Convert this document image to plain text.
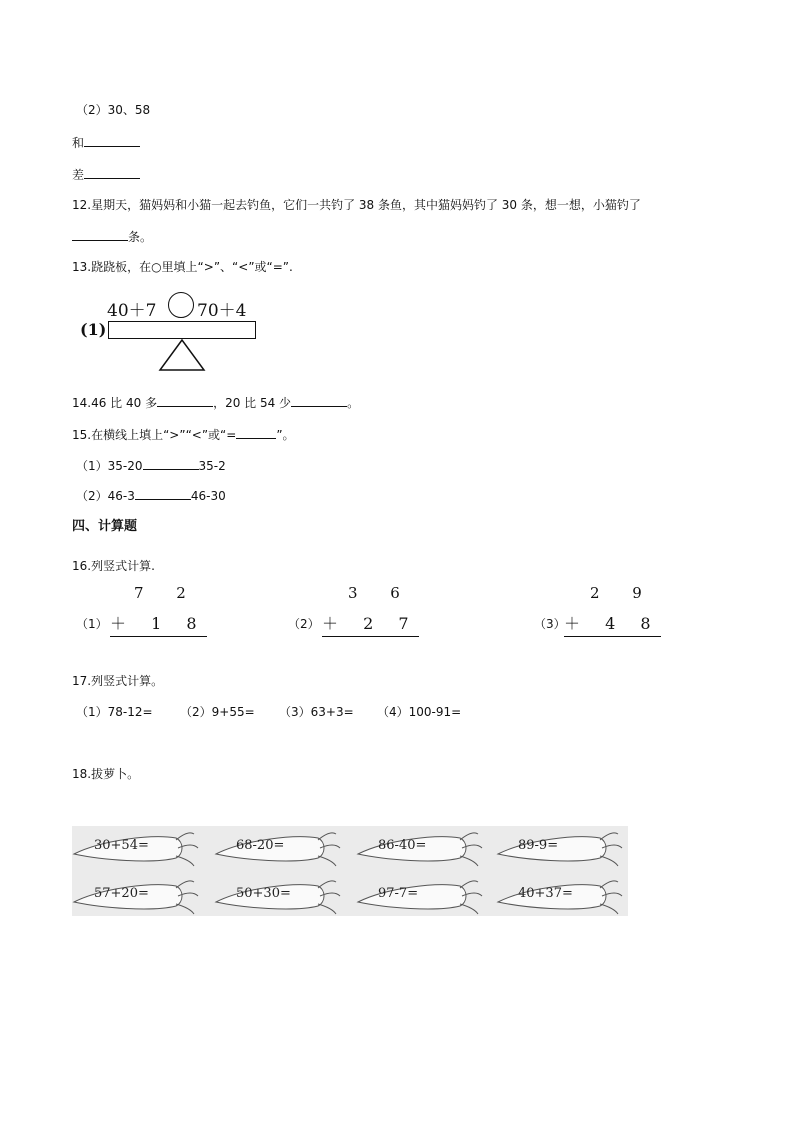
（2）30、58
和
差
12.星期天，猫妈妈和小猫一起去钓鱼，它们一共钓了 38 条鱼，其中猫妈妈钓了 30 条，想一想，小猫钓了
条。
13.跷跷板，在○里填上“>”、“<”或“=”.
40＋7 70＋4
(1)
14.46 比 40 多	，20 比 54 少	。
15.在横线上填上“>”“<”或“=	”。
（1）35-20	35-2
（2）46-3	46-30
四、计算题
16.列竖式计算.
7 2
（1） ＋ 1 8
3 6
（2） ＋ 2 7
2 9
（3）
＋ 4 8
17.列竖式计算。
（1）78-12= （2）9+55= （3）63+3= （4）100-91=
18.拔萝卜。
30+54=	68-20=	86-40=	89-9=
57+20=	50+30=	97-7=	40+37=
